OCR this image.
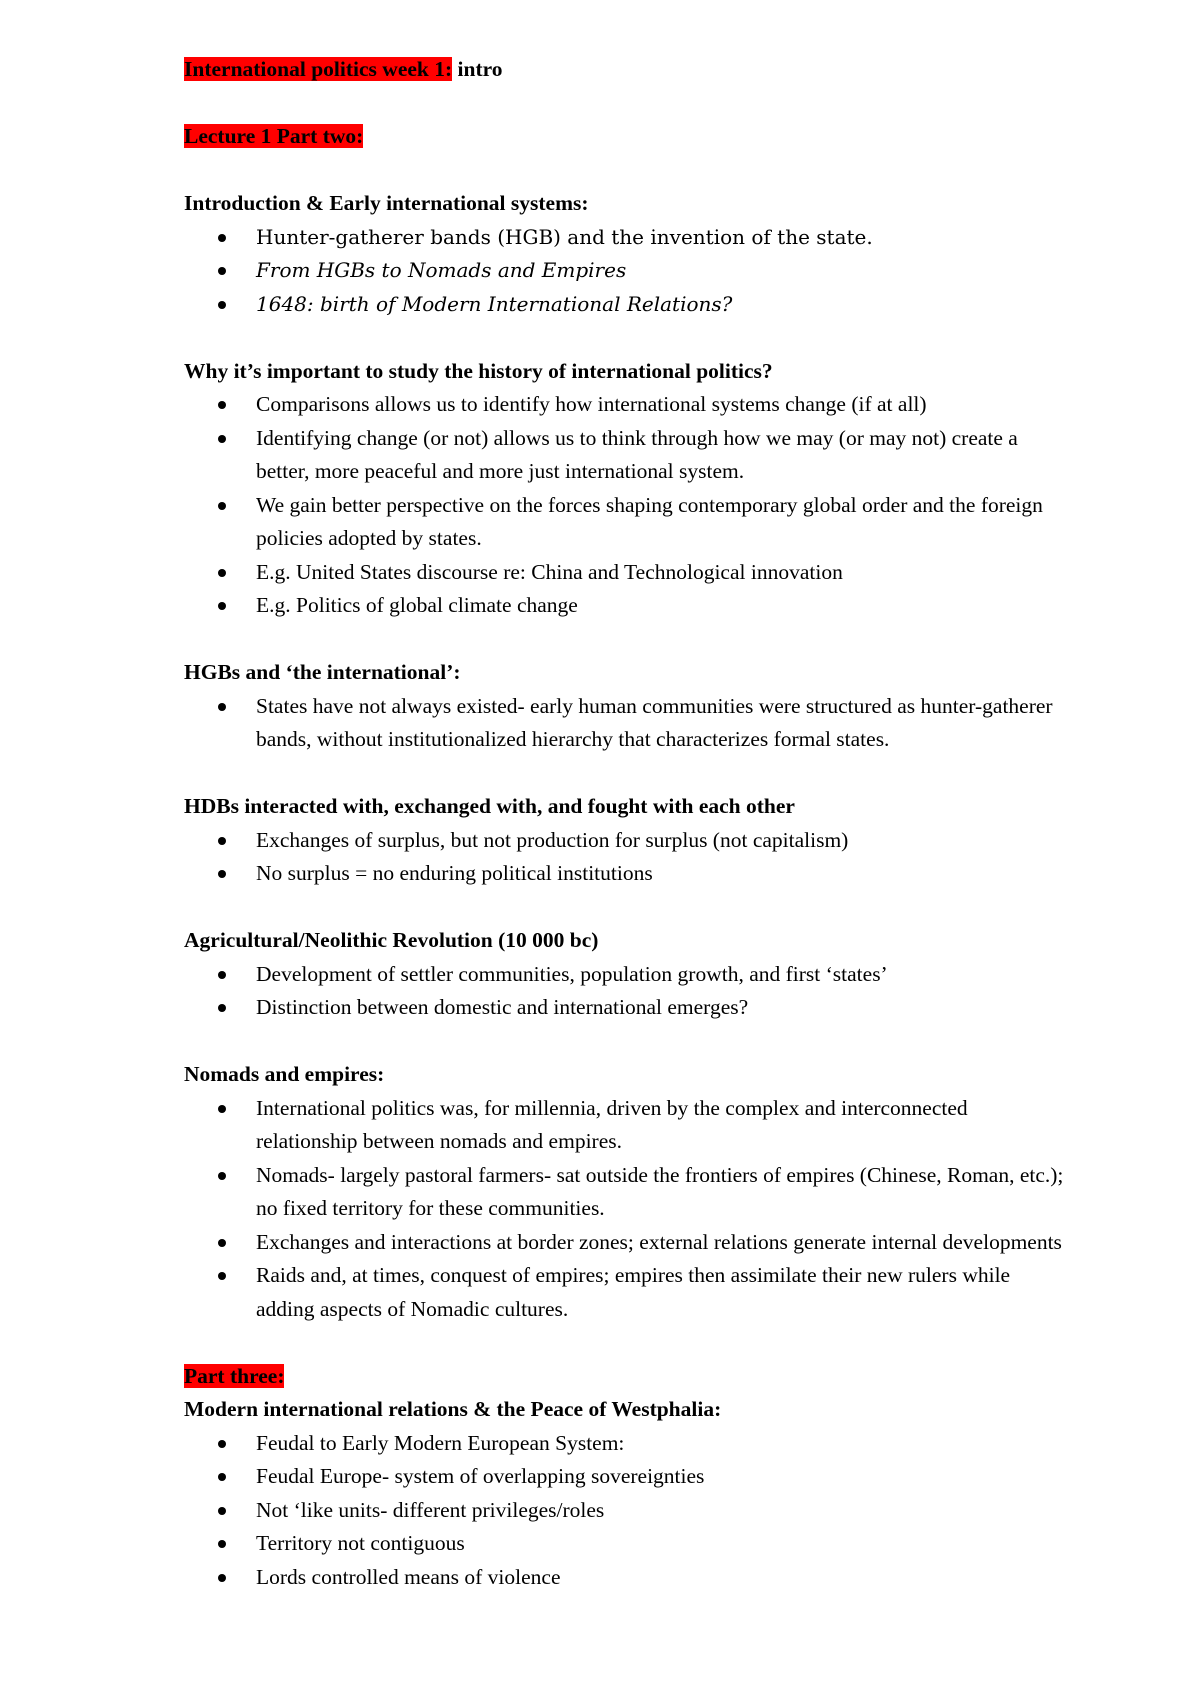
International politics week 1: intro
Lecture 1 Part two:
Introduction & Early international systems:
Hunter-gatherer bands (HGB) and the invention of the state.
From HGBs to Nomads and Empires
1648: birth of Modern International Relations?
Why it’s important to study the history of international politics?
Comparisons allows us to identify how international systems change (if at all)
Identifying change (or not) allows us to think through how we may (or may not) create a better, more peaceful and more just international system.
We gain better perspective on the forces shaping contemporary global order and the foreign policies adopted by states.
E.g. United States discourse re: China and Technological innovation
E.g. Politics of global climate change
HGBs and ‘the international’:
States have not always existed- early human communities were structured as hunter-gatherer bands, without institutionalized hierarchy that characterizes formal states.
HDBs interacted with, exchanged with, and fought with each other
Exchanges of surplus, but not production for surplus (not capitalism)
No surplus = no enduring political institutions
Agricultural/Neolithic Revolution (10 000 bc)
Development of settler communities, population growth, and first ‘states’
Distinction between domestic and international emerges?
Nomads and empires:
International politics was, for millennia, driven by the complex and interconnected relationship between nomads and empires.
Nomads- largely pastoral farmers- sat outside the frontiers of empires (Chinese, Roman, etc.); no fixed territory for these communities.
Exchanges and interactions at border zones; external relations generate internal developments
Raids and, at times, conquest of empires; empires then assimilate their new rulers while adding aspects of Nomadic cultures.
Part three:
Modern international relations & the Peace of Westphalia:
Feudal to Early Modern European System:
Feudal Europe- system of overlapping sovereignties
Not ‘like units- different privileges/roles
Territory not contiguous
Lords controlled means of violence
